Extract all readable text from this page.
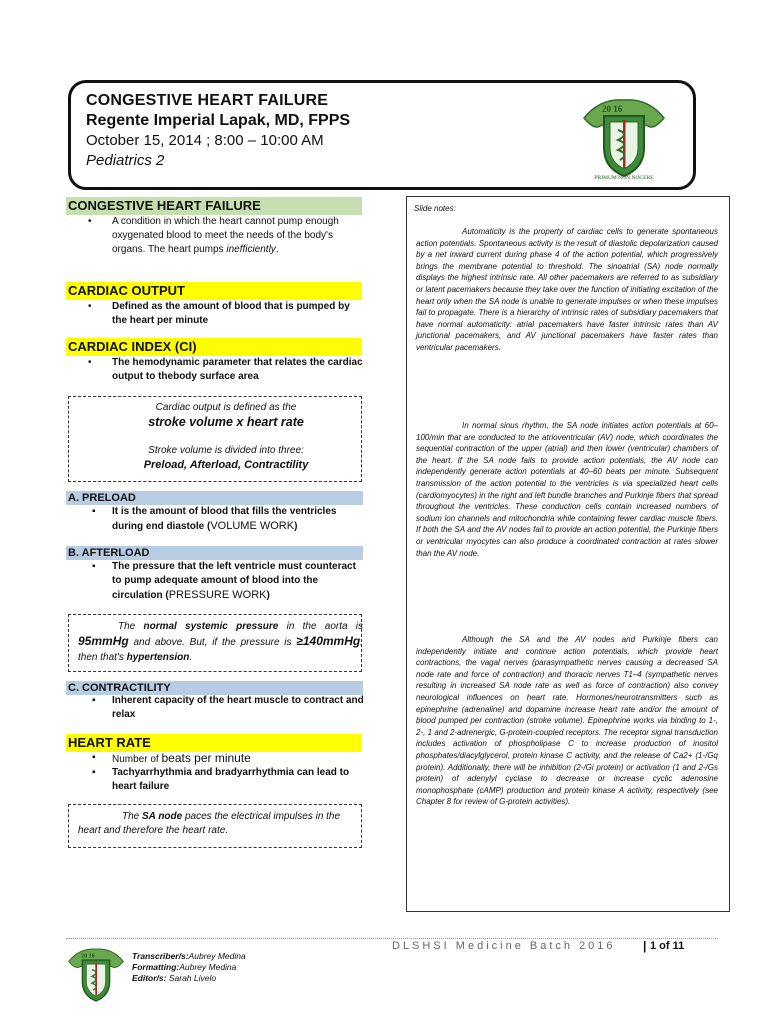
CONGESTIVE HEART FAILURE
Regente Imperial Lapak, MD, FPPS
October 15, 2014 ; 8:00 – 10:00 AM
Pediatrics 2
20 16
PRIMUM NON NOCERE
CONGESTIVE HEART FAILURE
•	A condition in which the heart cannot pump enough oxygenated blood to meet the needs of the body's organs. The heart pumps inefficiently.
CARDIAC OUTPUT
•	Defined as the amount of blood that is pumped by the heart per minute
CARDIAC INDEX (CI)
•	The hemodynamic parameter that relates the cardiac output to thebody surface area
Cardiac output is defined as the
stroke volume x heart rate
Stroke volume is divided into three:
Preload, Afterload, Contractility
A. PRELOAD
▪	It is the amount of blood that fills the ventricles during end diastole (VOLUME WORK)
B. AFTERLOAD
▪	The pressure that the left ventricle must counteract to pump adequate amount of blood into the circulation (PRESSURE WORK)
The normal systemic pressure in the aorta is 95mmHg and above. But, if the pressure is ≥140mmHg, then that's hypertension.
C. CONTRACTILITY
▪	Inherent capacity of the heart muscle to contract and relax
HEART RATE
▪	Number of beats per minute
▪	Tachyarrhythmia and bradyarrhythmia can lead to heart failure
The SA node paces the electrical impulses in the heart and therefore the heart rate.
Slide notes:
Automaticity is the property of cardiac cells to generate spontaneous action potentials. Spontaneous activity is the result of diastolic depolarization caused by a net inward current during phase 4 of the action potential, which progressively brings the membrane potential to threshold. The sinoatrial (SA) node normally displays the highest intrinsic rate. All other pacemakers are referred to as subsidiary or latent pacemakers because they take over the function of initiating excitation of the heart only when the SA node is unable to generate impulses or when these impulses fail to propagate. There is a hierarchy of intrinsic rates of subsidiary pacemakers that have normal automaticity: atrial pacemakers have faster intrinsic rates than AV junctional pacemakers, and AV junctional pacemakers have faster rates than ventricular pacemakers.
In normal sinus rhythm, the SA node initiates action potentials at 60–100/min that are conducted to the atrioventricular (AV) node, which coordinates the sequential contraction of the upper (atrial) and then lower (ventricular) chambers of the heart. If the SA node fails to provide action potentials, the AV node can independently generate action potentials at 40–60 beats per minute. Subsequent transmission of the action potential to the ventricles is via specialized heart cells (cardiomyocytes) in the right and left bundle branches and Purkinje fibers that spread throughout the ventricles. These conduction cells contain increased numbers of sodium ion channels and mitochondria while containing fewer cardiac muscle fibers. If both the SA and the AV nodes fail to provide an action potential, the Purkinje fibers or ventricular myocytes can also produce a coordinated contraction at rates slower than the AV node.
Although the SA and the AV nodes and Purkinje fibers can independently initiate and continue action potentials, which provide heart contractions, the vagal nerves (parasympathetic nerves causing a decreased SA node rate and force of contraction) and thoracic nerves T1–4 (sympathetic nerves resulting in increased SA node rate as well as force of contraction) also convey neurological influences on heart rate. Hormones/neurotransmitters such as epinephrine (adrenaline) and dopamine increase heart rate and/or the amount of blood pumped per contraction (stroke volume). Epinephrine works via binding to 1-, 2-, 1 and 2-adrenergic, G-protein-coupled receptors. The receptor signal transduction includes activation of phospholipase C to increase production of inositol phosphates/diacylglycerol, protein kinase C activity, and the release of Ca2+ (1-/Gq protein). Additionally, there will be inhibition (2-/Gi protein) or activation (1 and 2-/Gs protein) of adenylyl cyclase to decrease or increase cyclic adenosine monophosphate (cAMP) production and protein kinase A activity, respectively (see Chapter 8 for review of G-protein activities).
DLSHSI Medicine Batch 2016 | 1 of 11
20 16	Transcriber/s:Aubrey Medina
Formatting:Aubrey Medina
Editor/s: Sarah Livelo
